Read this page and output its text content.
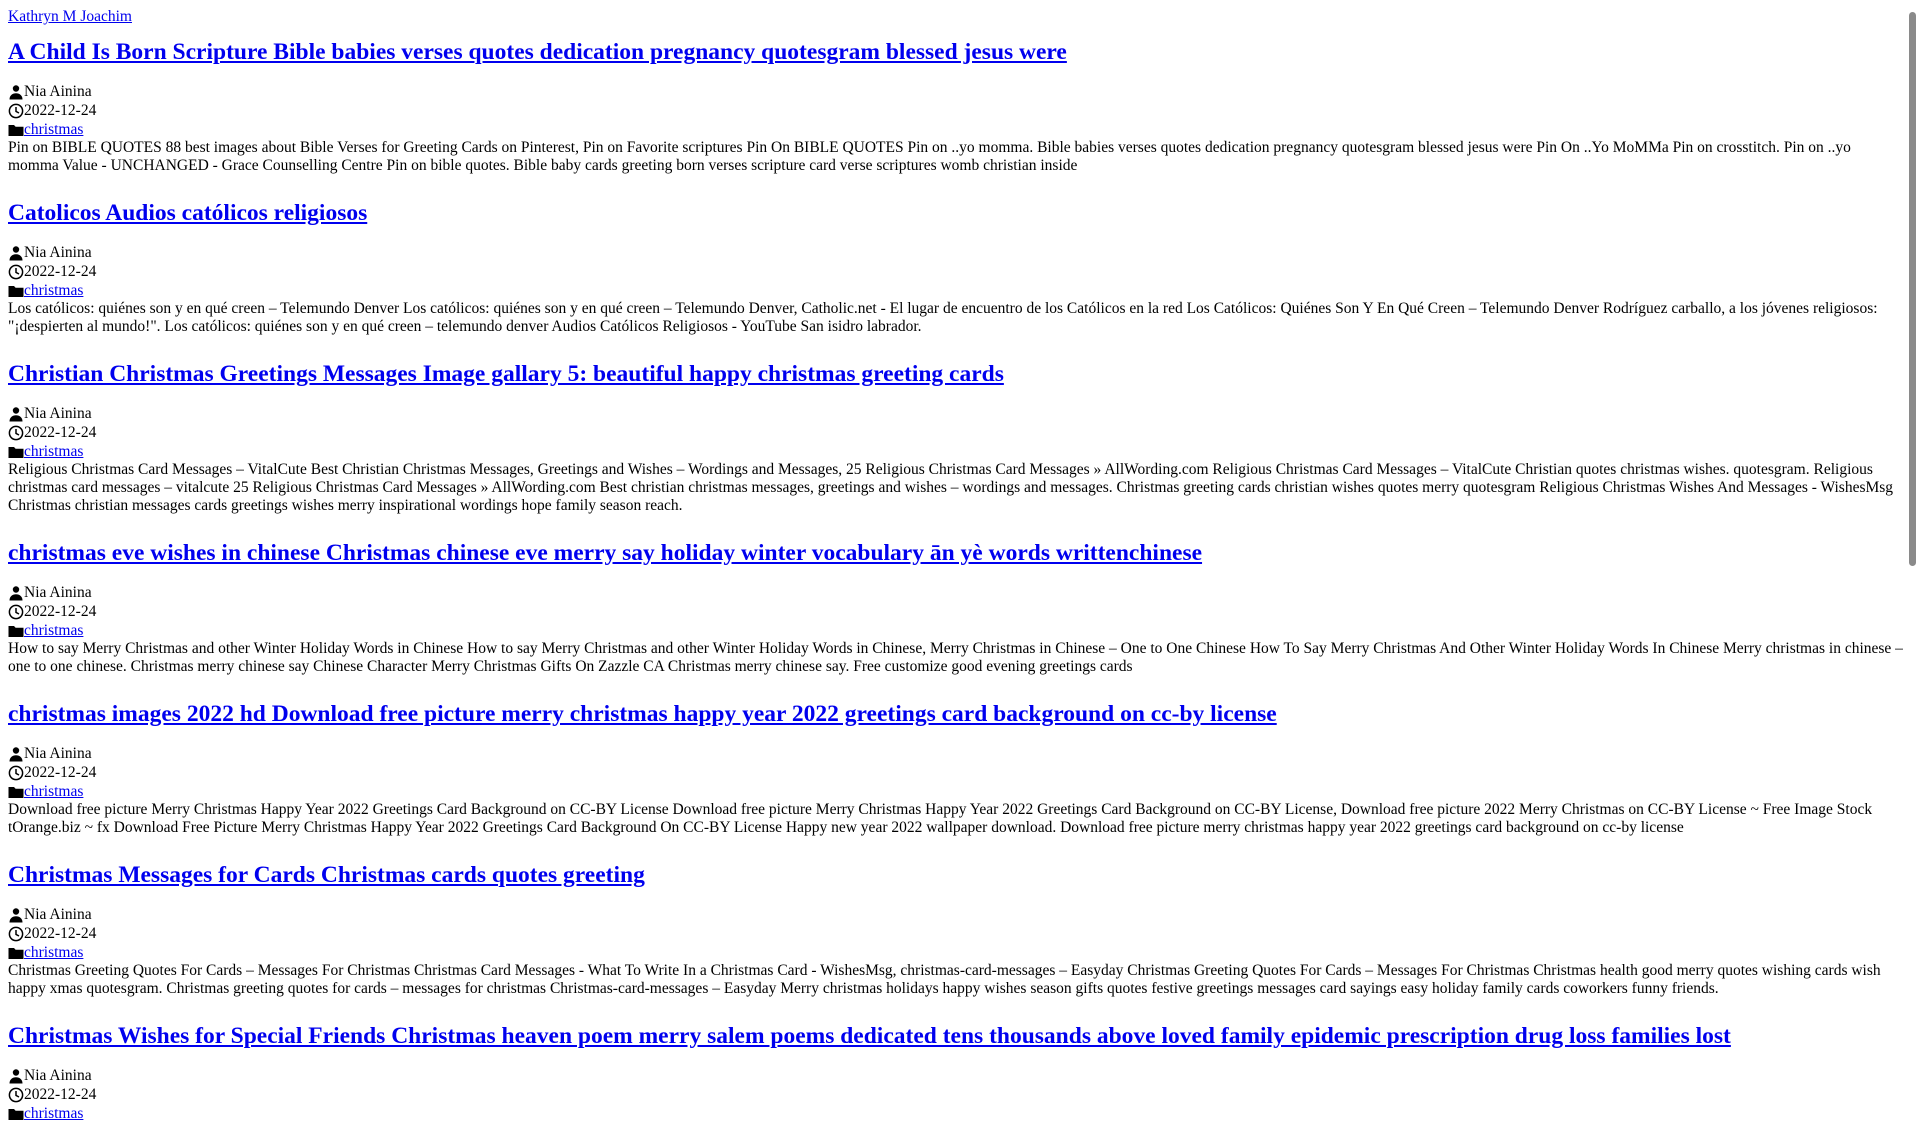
Kathryn M Joachim
A Child Is Born Scripture Bible babies verses quotes dedication pregnancy quotesgram blessed jesus were
Nia Ainina
2022-12-24
christmas

Pin on BIBLE QUOTES 88 best images about Bible Verses for Greeting Cards on Pinterest, Pin on Favorite scriptures Pin On BIBLE QUOTES Pin on ..yo momma. Bible babies verses quotes dedication pregnancy quotesgram blessed jesus were Pin On ..Yo MoMMa Pin on crosstitch. Pin on ..yo momma Value - UNCHANGED - Grace Counselling Centre Pin on bible quotes. Bible baby cards greeting born verses scripture card verse scriptures womb christian inside

Catolicos Audios católicos religiosos
Nia Ainina
2022-12-24
christmas

Los católicos: quiénes son y en qué creen – Telemundo Denver Los católicos: quiénes son y en qué creen – Telemundo Denver, Catholic.net - El lugar de encuentro de los Católicos en la red Los Católicos: Quiénes Son Y En Qué Creen – Telemundo Denver Rodríguez carballo, a los jóvenes religiosos: "¡despierten al mundo!". Los católicos: quiénes son y en qué creen – telemundo denver Audios Católicos Religiosos - YouTube San isidro labrador.

Christian Christmas Greetings Messages Image gallary 5: beautiful happy christmas greeting cards
Nia Ainina
2022-12-24
christmas

Religious Christmas Card Messages – VitalCute Best Christian Christmas Messages, Greetings and Wishes – Wordings and Messages, 25 Religious Christmas Card Messages » AllWording.com Religious Christmas Card Messages – VitalCute Christian quotes christmas wishes. quotesgram. Religious christmas card messages – vitalcute 25 Religious Christmas Card Messages » AllWording.com Best christian christmas messages, greetings and wishes – wordings and messages. Christmas greeting cards christian wishes quotes merry quotesgram Religious Christmas Wishes And Messages - WishesMsg Christmas christian messages cards greetings wishes merry inspirational wordings hope family season reach.

christmas eve wishes in chinese Christmas chinese eve merry say holiday winter vocabulary ān yè words writtenchinese
Nia Ainina
2022-12-24
christmas

How to say Merry Christmas and other Winter Holiday Words in Chinese How to say Merry Christmas and other Winter Holiday Words in Chinese, Merry Christmas in Chinese – One to One Chinese How To Say Merry Christmas And Other Winter Holiday Words In Chinese Merry christmas in chinese – one to one chinese. Christmas merry chinese say Chinese Character Merry Christmas Gifts On Zazzle CA Christmas merry chinese say. Free customize good evening greetings cards

christmas images 2022 hd Download free picture merry christmas happy year 2022 greetings card background on cc-by license
Nia Ainina
2022-12-24
christmas

Download free picture Merry Christmas Happy Year 2022 Greetings Card Background on CC-BY License Download free picture Merry Christmas Happy Year 2022 Greetings Card Background on CC-BY License, Download free picture 2022 Merry Christmas on CC-BY License ~ Free Image Stock tOrange.biz ~ fx Download Free Picture Merry Christmas Happy Year 2022 Greetings Card Background On CC-BY License Happy new year 2022 wallpaper download. Download free picture merry christmas happy year 2022 greetings card background on cc-by license

Christmas Messages for Cards Christmas cards quotes greeting
Nia Ainina
2022-12-24
christmas

Christmas Greeting Quotes For Cards – Messages For Christmas Christmas Card Messages - What To Write In a Christmas Card - WishesMsg, christmas-card-messages – Easyday Christmas Greeting Quotes For Cards – Messages For Christmas Christmas health good merry quotes wishing cards wish happy xmas quotesgram. Christmas greeting quotes for cards – messages for christmas Christmas-card-messages – Easyday Merry christmas holidays happy wishes season gifts quotes festive greetings messages card sayings easy holiday family cards coworkers funny friends.

Christmas Wishes for Special Friends Christmas heaven poem merry salem poems dedicated tens thousands above loved family epidemic prescription drug loss families lost
Nia Ainina
2022-12-24
christmas
